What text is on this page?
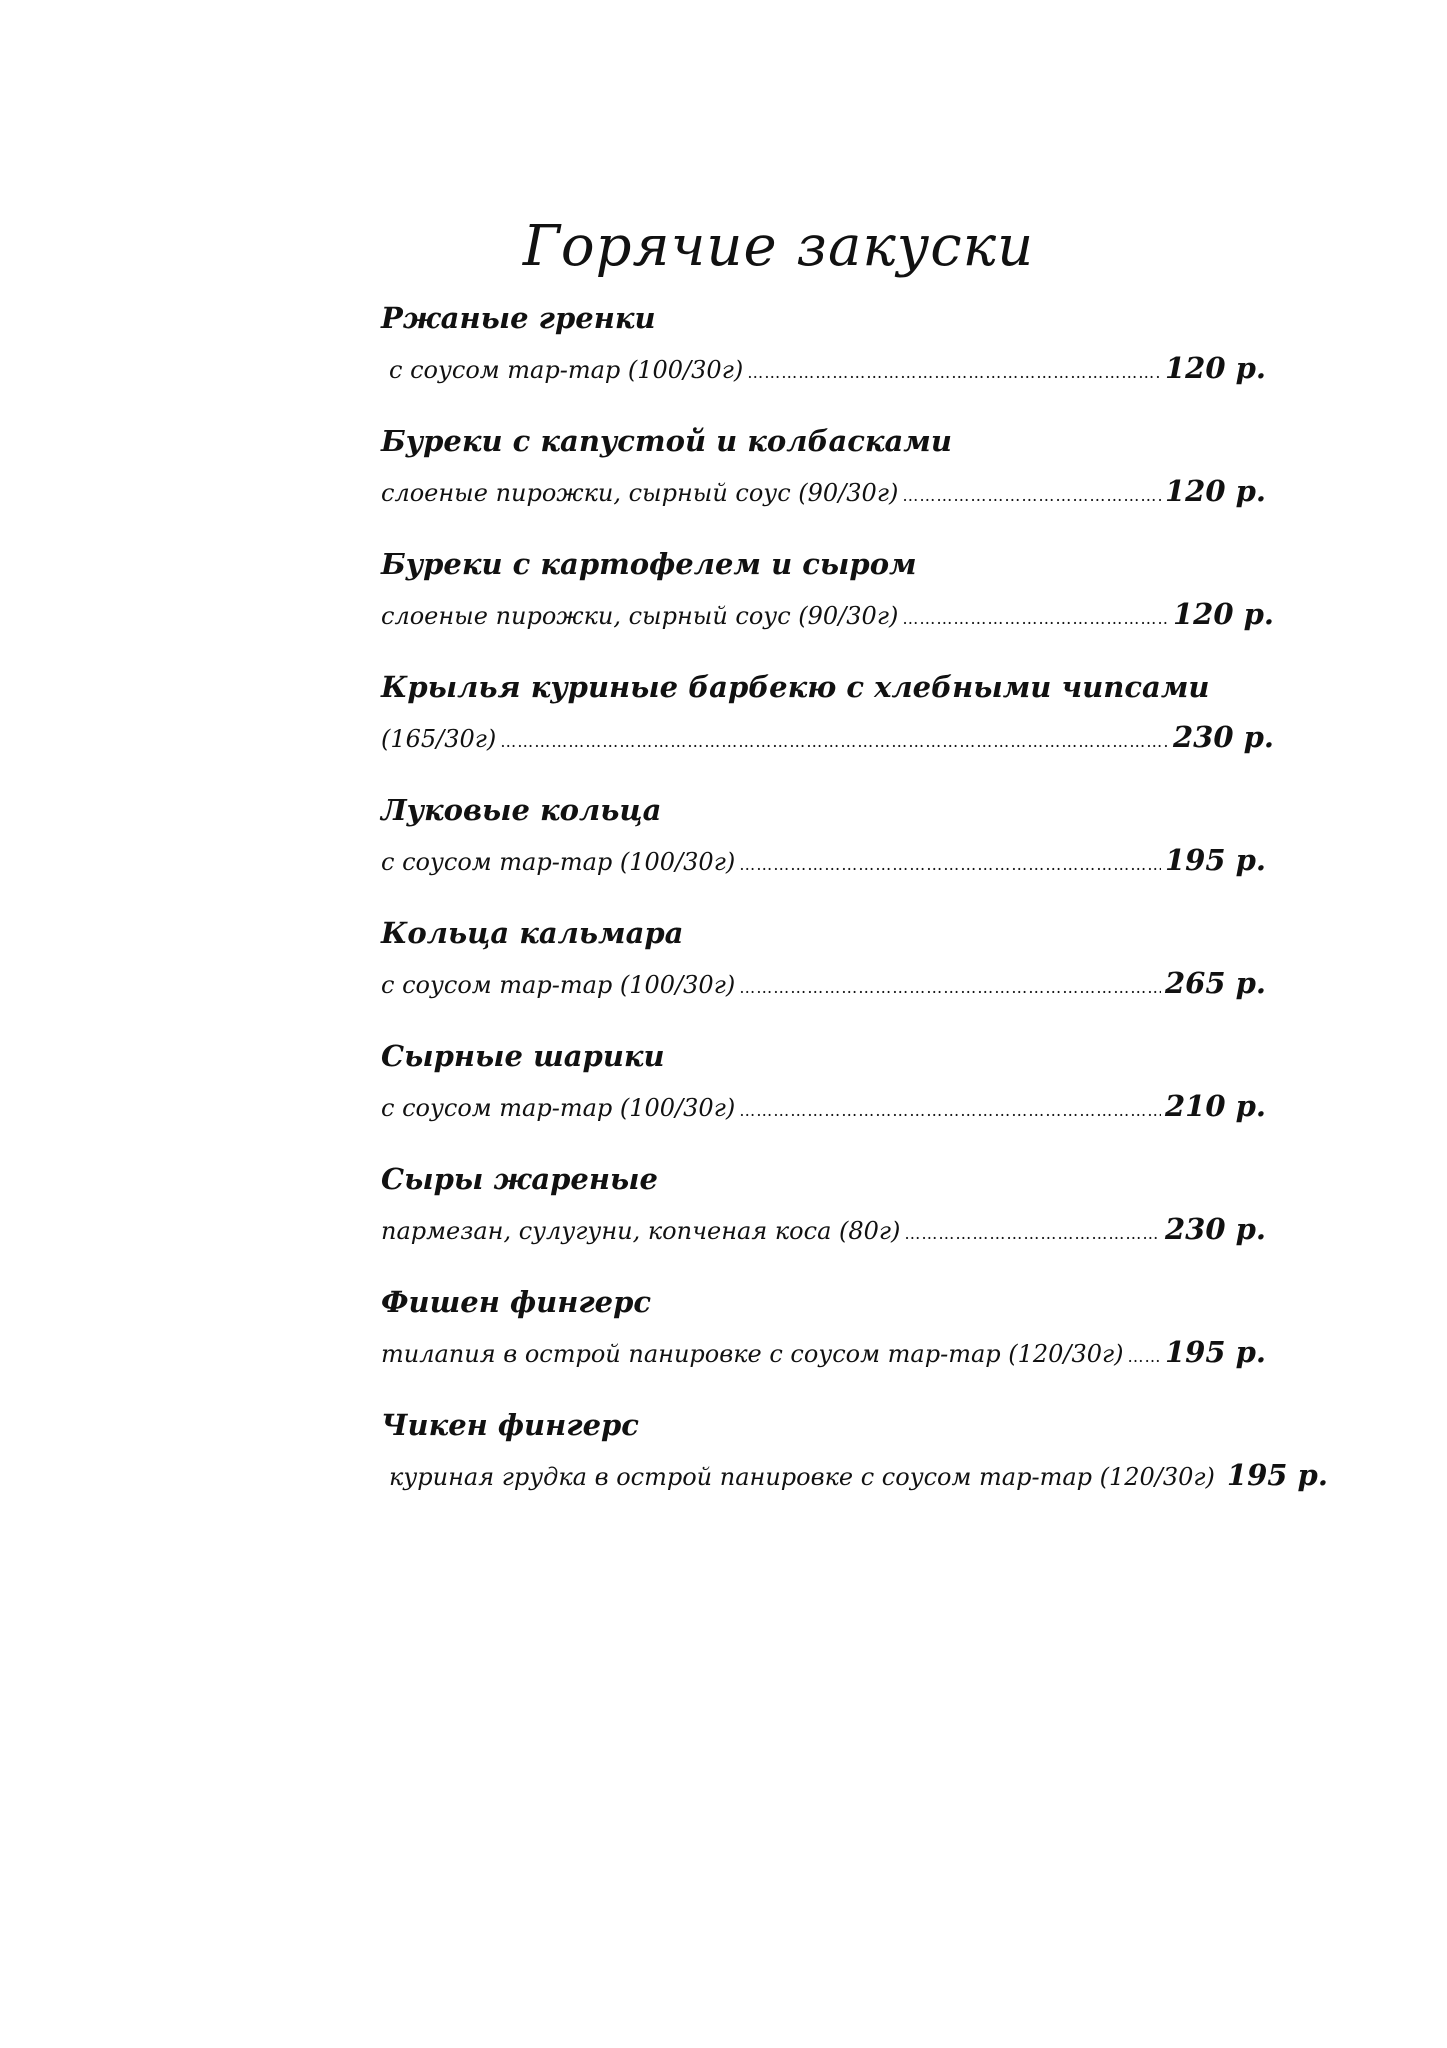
Горячие закуски
Ржаные гренки
с соусом тар-тар (100/30г) ……………………………………………………………………………………………………………………………………………………………………………	120 р.
Буреки с капустой и колбасками
слоеные пирожки, сырный соус (90/30г) ……………………………………………………………………………………………………………………………………………………………………………	120 р.
Буреки с картофелем и сыром
слоеные пирожки, сырный соус (90/30г) ……………………………………………………………………………………………………………………………………………………………………………	120 р.
Крылья куриные барбекю с хлебными чипсами
(165/30г) ……………………………………………………………………………………………………………………………………………………………………………	230 р.
Луковые кольца
с соусом тар-тар (100/30г) ……………………………………………………………………………………………………………………………………………………………………………	195 р.
Кольца кальмара
с соусом тар-тар (100/30г) ……………………………………………………………………………………………………………………………………………………………………………	265 р.
Сырные шарики
с соусом тар-тар (100/30г) ……………………………………………………………………………………………………………………………………………………………………………	210 р.
Сыры жареные
пармезан, сулугуни, копченая коса (80г) ……………………………………………………………………………………………………………………………………………………………………………	230 р.
Фишен фингерс
тилапия в острой панировке с соусом тар-тар (120/30г) …………………………………………………………………………………………………………………………………………………………………………… 195 р.
Чикен фингерс
куриная грудка в острой панировке с соусом тар-тар (120/30г) 195 р.
